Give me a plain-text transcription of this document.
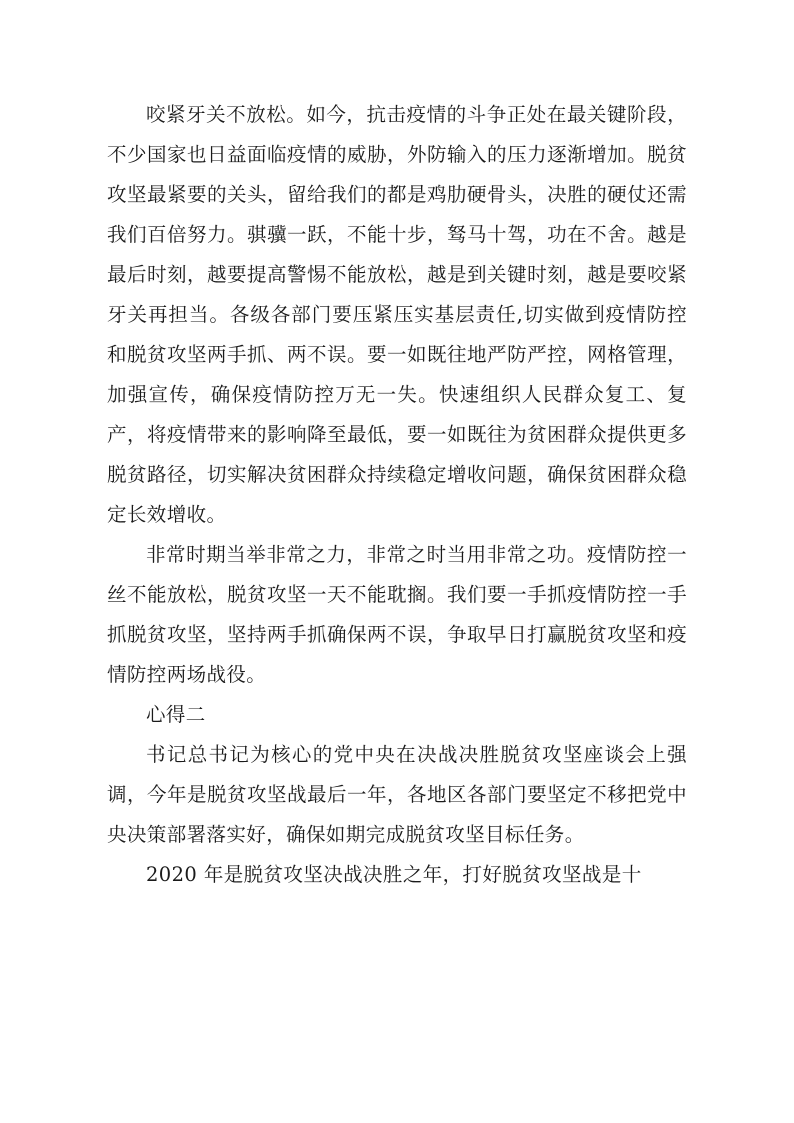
咬紧牙关不放松。如今，抗击疫情的斗争正处在最关键阶段，不少国家也日益面临疫情的威胁，外防输入的压力逐渐增加。脱贫攻坚最紧要的关头，留给我们的都是鸡肋硬骨头，决胜的硬仗还需我们百倍努力。骐骥一跃，不能十步，驽马十驾，功在不舍。越是最后时刻，越要提高警惕不能放松，越是到关键时刻，越是要咬紧牙关再担当。各级各部门要压紧压实基层责任,切实做到疫情防控和脱贫攻坚两手抓、两不误。要一如既往地严防严控，网格管理，加强宣传，确保疫情防控万无一失。快速组织人民群众复工、复产，将疫情带来的影响降至最低，要一如既往为贫困群众提供更多脱贫路径，切实解决贫困群众持续稳定增收问题，确保贫困群众稳定长效增收。

非常时期当举非常之力，非常之时当用非常之功。疫情防控一丝不能放松，脱贫攻坚一天不能耽搁。我们要一手抓疫情防控一手抓脱贫攻坚，坚持两手抓确保两不误，争取早日打赢脱贫攻坚和疫情防控两场战役。

心得二

书记总书记为核心的党中央在决战决胜脱贫攻坚座谈会上强调，今年是脱贫攻坚战最后一年，各地区各部门要坚定不移把党中央决策部署落实好，确保如期完成脱贫攻坚目标任务。

2020 年是脱贫攻坚决战决胜之年，打好脱贫攻坚战是十
